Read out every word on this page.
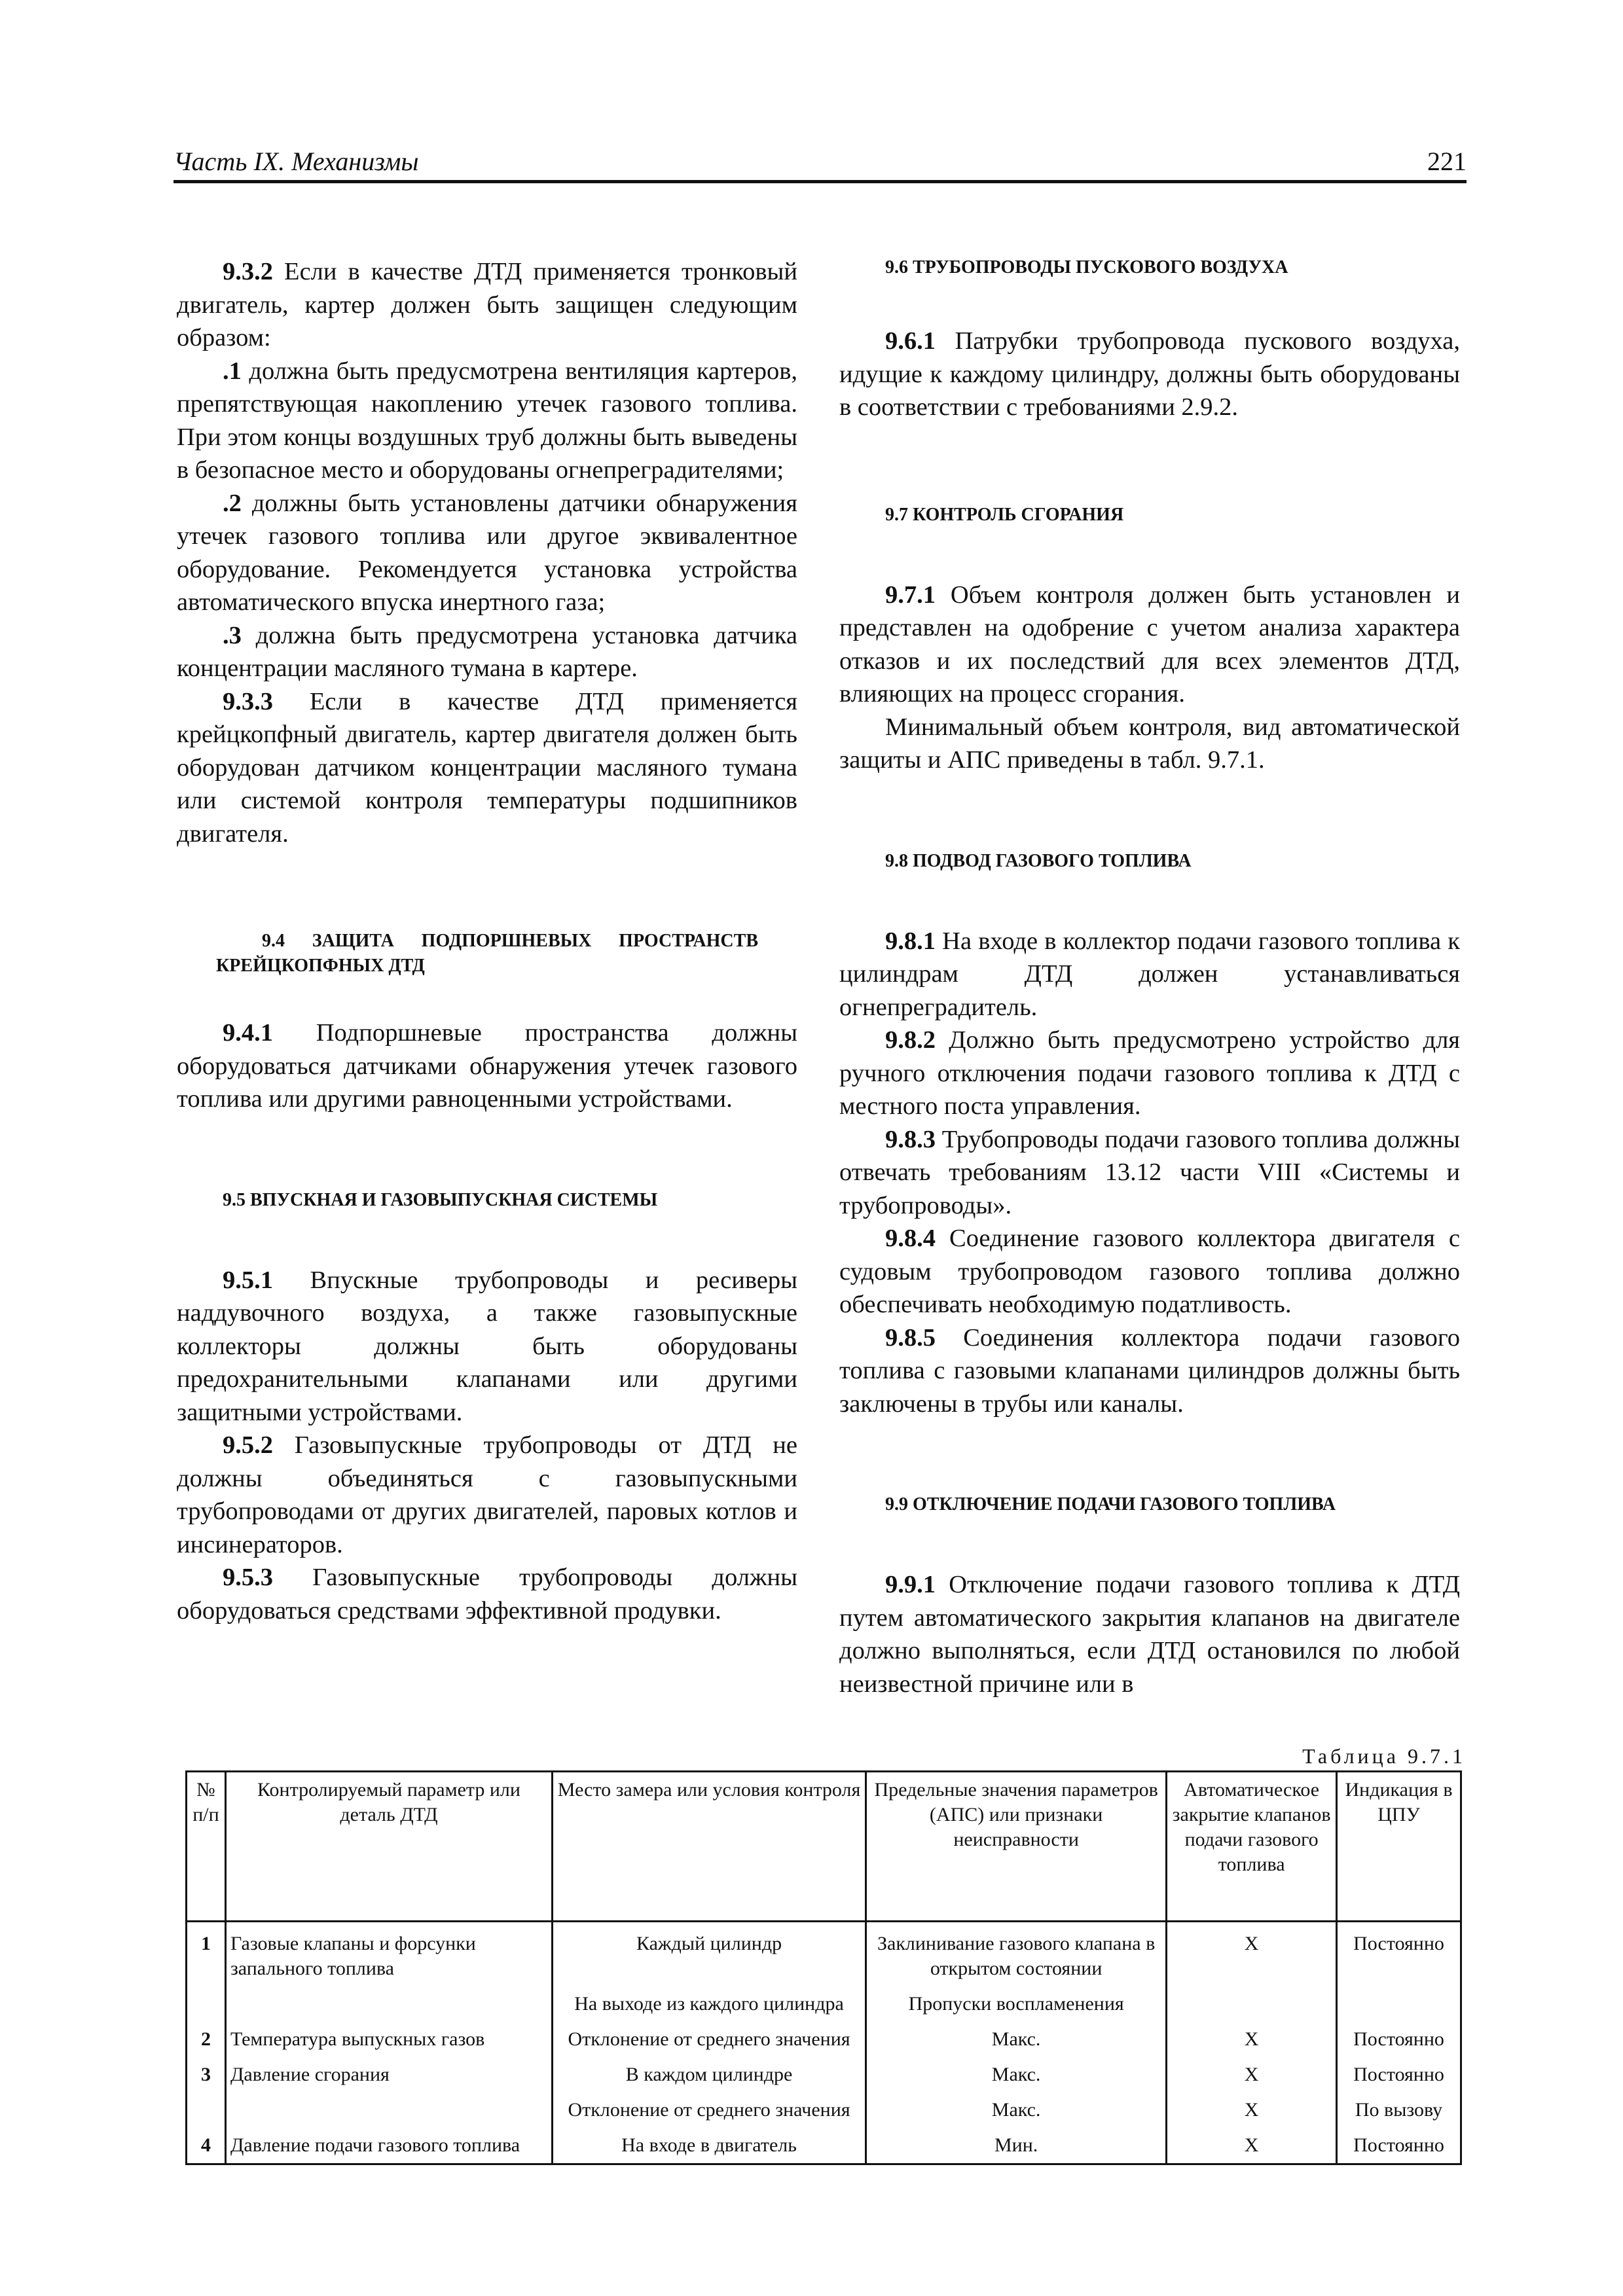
Часть IX. Механизмы	221

9.3.2 Если в качестве ДТД применяется тронковый двигатель, картер должен быть защищен следующим образом:

.1 должна быть предусмотрена вентиляция картеров, препятствующая накоплению утечек газового топлива. При этом концы воздушных труб должны быть выведены в безопасное место и оборудованы огнепреградителями;

.2 должны быть установлены датчики обнаружения утечек газового топлива или другое эквивалентное оборудование. Рекомендуется установка устройства автоматического впуска инертного газа;

.3 должна быть предусмотрена установка датчика концентрации масляного тумана в картере.

9.3.3 Если в качестве ДТД применяется крейцкопфный двигатель, картер двигателя должен быть оборудован датчиком концентрации масляного тумана или системой контроля температуры подшипников двигателя.

9.4 ЗАЩИТА ПОДПОРШНЕВЫХ ПРОСТРАНСТВ КРЕЙЦКОПФНЫХ ДТД

9.4.1 Подпоршневые пространства должны оборудоваться датчиками обнаружения утечек газового топлива или другими равноценными устройствами.

9.5 ВПУСКНАЯ И ГАЗОВЫПУСКНАЯ СИСТЕМЫ

9.5.1 Впускные трубопроводы и ресиверы наддувочного воздуха, а также газовыпускные коллекторы должны быть оборудованы предохранительными клапанами или другими защитными устройствами.

9.5.2 Газовыпускные трубопроводы от ДТД не должны объединяться с газовыпускными трубопроводами от других двигателей, паровых котлов и инсинераторов.

9.5.3 Газовыпускные трубопроводы должны оборудоваться средствами эффективной продувки.

9.6 ТРУБОПРОВОДЫ ПУСКОВОГО ВОЗДУХА

9.6.1 Патрубки трубопровода пускового воздуха, идущие к каждому цилиндру, должны быть оборудованы в соответствии с требованиями 2.9.2.

9.7 КОНТРОЛЬ СГОРАНИЯ

9.7.1 Объем контроля должен быть установлен и представлен на одобрение с учетом анализа характера отказов и их последствий для всех элементов ДТД, влияющих на процесс сгорания.

Минимальный объем контроля, вид автоматической защиты и АПС приведены в табл. 9.7.1.

9.8 ПОДВОД ГАЗОВОГО ТОПЛИВА

9.8.1 На входе в коллектор подачи газового топлива к цилиндрам ДТД должен устанавливаться огнепреградитель.

9.8.2 Должно быть предусмотрено устройство для ручного отключения подачи газового топлива к ДТД с местного поста управления.

9.8.3 Трубопроводы подачи газового топлива должны отвечать требованиям 13.12 части VIII «Системы и трубопроводы».

9.8.4 Соединение газового коллектора двигателя с судовым трубопроводом газового топлива должно обеспечивать необходимую податливость.

9.8.5 Соединения коллектора подачи газового топлива с газовыми клапанами цилиндров должны быть заключены в трубы или каналы.

9.9 ОТКЛЮЧЕНИЕ ПОДАЧИ ГАЗОВОГО ТОПЛИВА

9.9.1 Отключение подачи газового топлива к ДТД путем автоматического закрытия клапанов на двигателе должно выполняться, если ДТД остановился по любой неизвестной причине или в

Таблица 9.7.1
№ п/п	Контролируемый параметр или деталь ДТД	Место замера или условия контроля	Предельные значения параметров (АПС) или признаки неисправности	Автоматическое закрытие клапанов подачи газового топлива	Индикация в ЦПУ
1	Газовые клапаны и форсунки запального топлива	Каждый цилиндр	Заклинивание газового клапана в открытом состоянии	X	Постоянно
		На выходе из каждого цилиндра	Пропуски воспламенения		
2	Температура выпускных газов	Отклонение от среднего значения	Макс.	X	Постоянно
3	Давление сгорания	В каждом цилиндре	Макс.	X	Постоянно
		Отклонение от среднего значения	Макс.	X	По вызову
4	Давление подачи газового топлива	На входе в двигатель	Мин.	X	Постоянно
